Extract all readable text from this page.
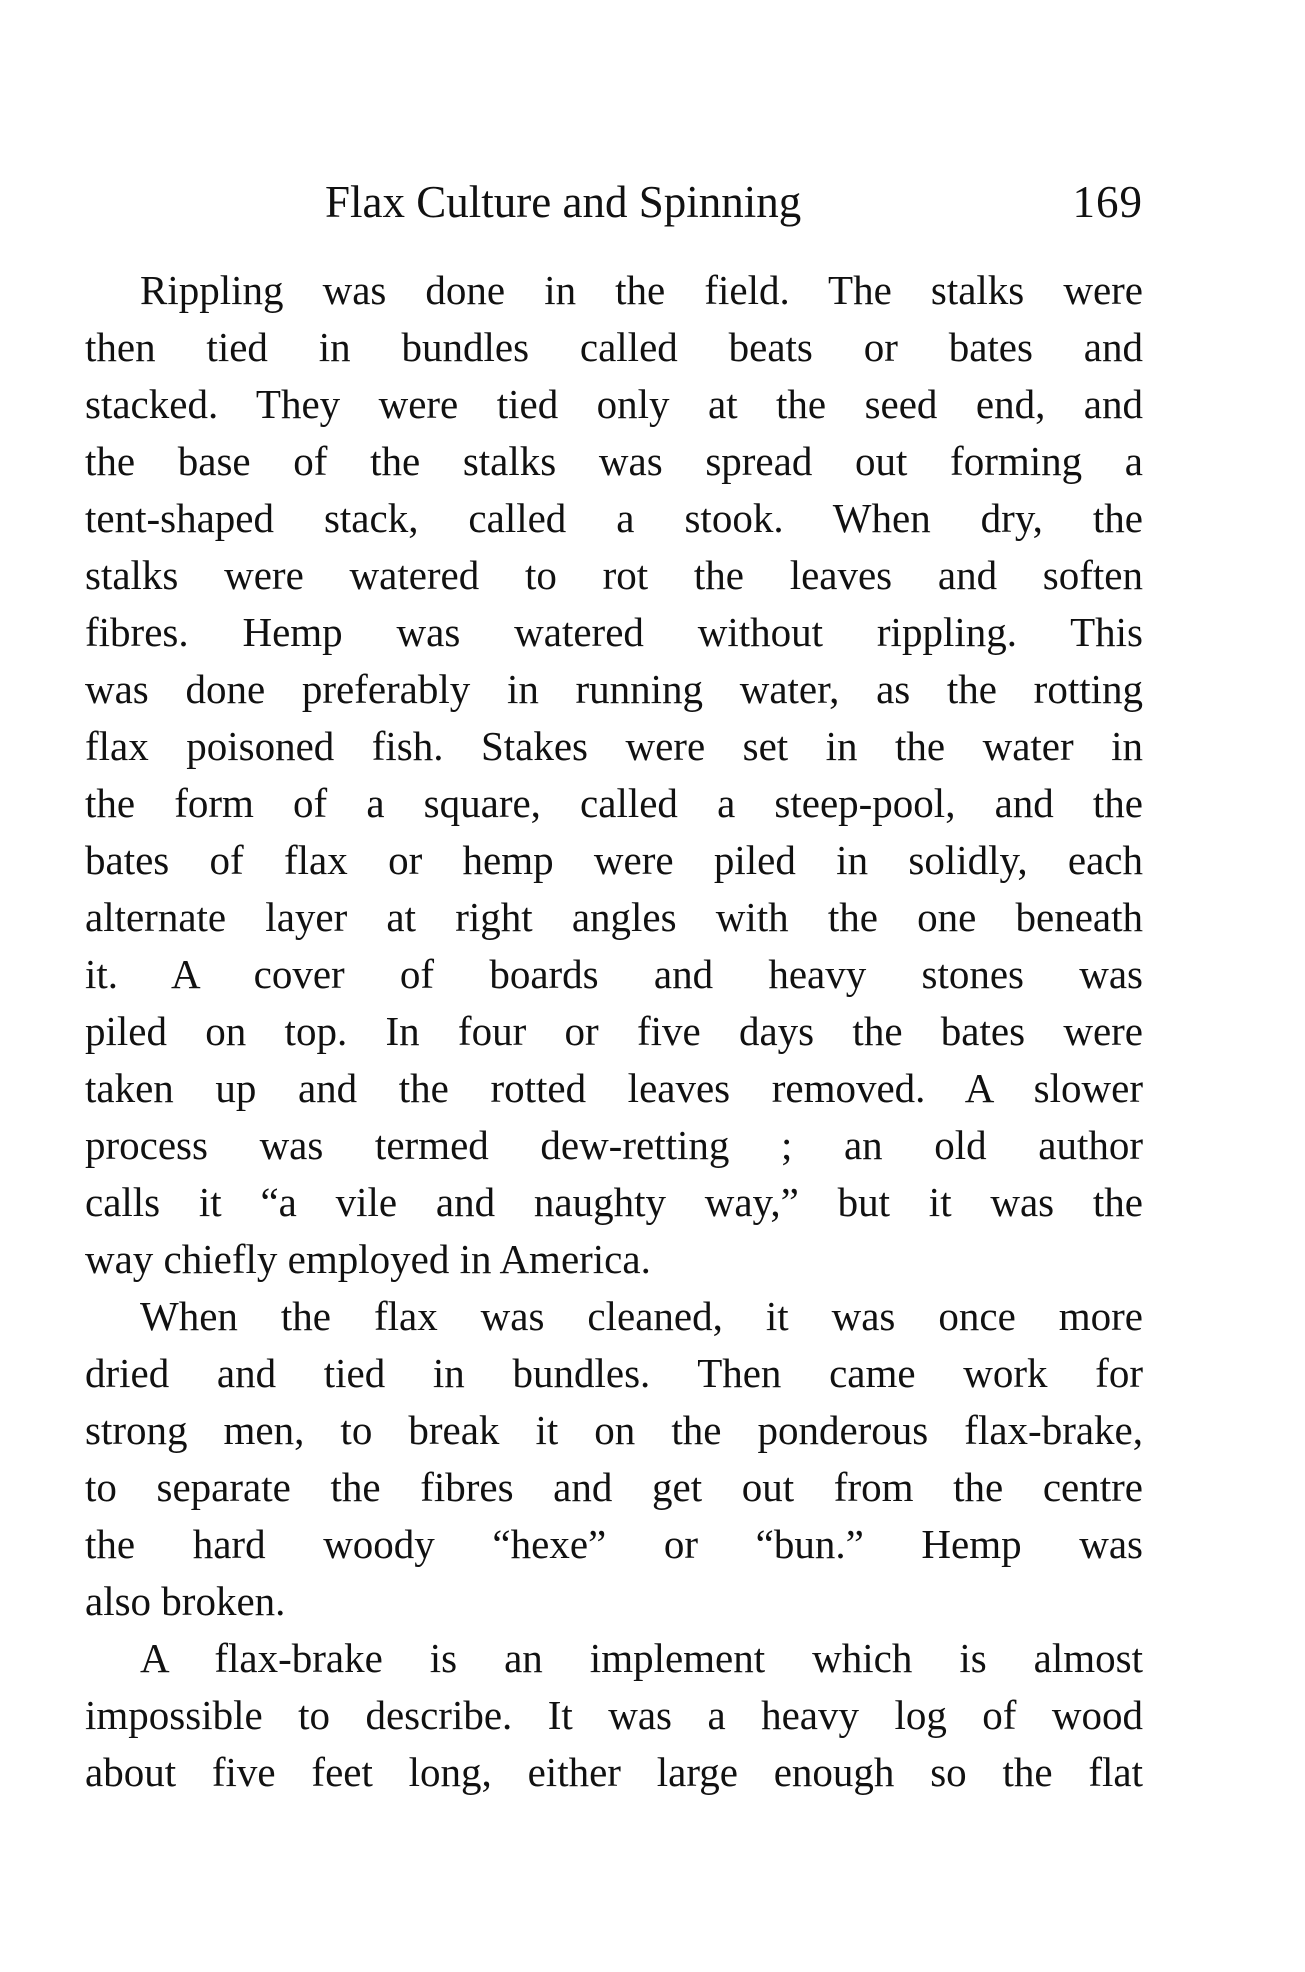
Flax Culture and Spinning	169
Rippling was done in the field. The stalks were
then tied in bundles called beats or bates and
stacked. They were tied only at the seed end, and
the base of the stalks was spread out forming a
tent-shaped stack, called a stook. When dry, the
stalks were watered to rot the leaves and soften
fibres. Hemp was watered without rippling. This
was done preferably in running water, as the rotting
flax poisoned fish. Stakes were set in the water in
the form of a square, called a steep-pool, and the
bates of flax or hemp were piled in solidly, each
alternate layer at right angles with the one beneath
it. A cover of boards and heavy stones was
piled on top. In four or five days the bates were
taken up and the rotted leaves removed. A slower
process was termed dew-retting ; an old author
calls it “a vile and naughty way,” but it was the
way chiefly employed in America.
When the flax was cleaned, it was once more
dried and tied in bundles. Then came work for
strong men, to break it on the ponderous flax-brake,
to separate the fibres and get out from the centre
the hard woody “hexe” or “bun.” Hemp was
also broken.
A flax-brake is an implement which is almost
impossible to describe. It was a heavy log of wood
about five feet long, either large enough so the flat
